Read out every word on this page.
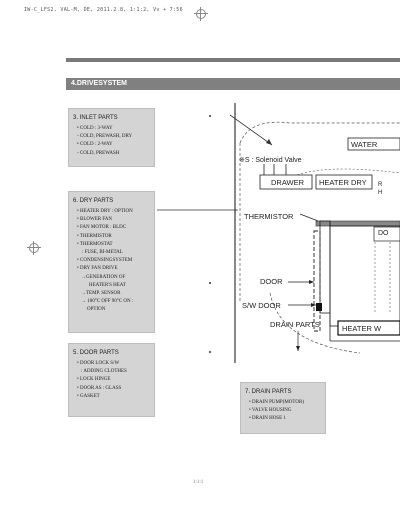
IW-C_LFS2, VAL-M, DE, 2011.2.8, 1:1:2, Vv + 7:56
1:1:1
4.DRIVESYSTEM
3. INLET PARTS
• COLD : 3-WAY
- COLD, PREWASH, DRY
• COLD : 2-WAY
- COLD, PREWASH
6. DRY PARTS
• HEATER DRY : OPTION
• BLOWER FAN
• FAN MOTOR : BLDC
• THERMISTOR
• THERMOSTAT
: FUSE, BI-METAL
• CONDENSINGSYSTEM
• DRY FAN DRIVE
→GENERATION OF
HEATER'S HEAT
→TEMP. SENSOR
→ 100°C OFF 90°C ON :
OPTION
5. DOOR PARTS
• DOOR LOCK S/W
: ADDING CLOTHES
• LOCK HINGE
• DOOR AS : GLASS
• GASKET
7. DRAIN PARTS
• DRAIN PUMP(MOTOR)
• VALVE HOUSING
• DRAIN HOSE 1
WATER
※S : Solenoid Valve
DRAWER HEATER DRY R
H
THERMISTOR
DO
DOOR
S/W DOOR
DRAIN PARTS	HEATER W
